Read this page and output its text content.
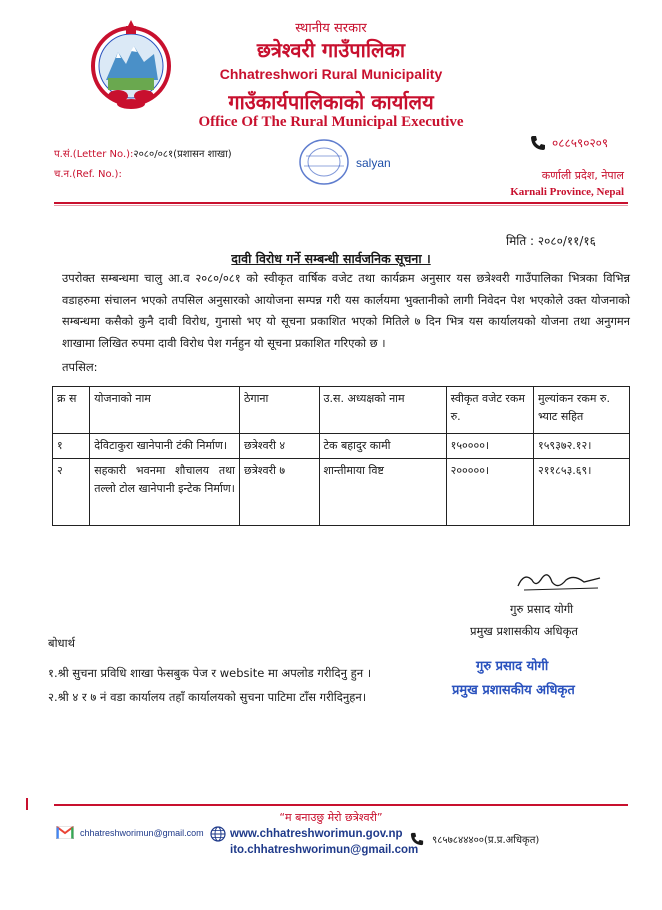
स्थानीय सरकार
छत्रेश्वरी गाउँपालिका
Chhatreshwori Rural Municipality
गाउँकार्यपालिकाको कार्यालय
Office Of The Rural Municipal Executive
प.सं.(Letter No.):२०८०/०८१(प्रशासन शाखा)
च.न.(Ref. No.):
salyan
०८८५९०२०९
कर्णाली प्रदेश, नेपाल
Karnali Province, Nepal
मिति : २०८०/११/१६
दावी विरोध गर्ने सम्बन्धी सार्वजनिक सूचना ।
उपरोक्त सम्बन्धमा चालु आ.व २०८०/०८१ को स्वीकृत वार्षिक वजेट तथा कार्यक्रम अनुसार यस छत्रेश्वरी गाउँपालिका भित्रका विभिन्न वडाहरुमा संचालन भएको तपसिल अनुसारको आयोजना सम्पन्न गरी यस कार्लयमा भुक्तानीको लागी निवेदन पेश भएकोले उक्त योजनाको सम्बन्धमा कसैको कुनै दावी विरोध, गुनासो भए यो सूचना प्रकाशित भएको मितिले ७ दिन भित्र यस कार्यालयको योजना तथा अनुगमन शाखामा लिखित रुपमा दावी विरोध पेश गर्नहुन यो सूचना प्रकाशित गरिएको छ ।
तपसिल:
क्र स	योजनाको नाम	ठेगाना	उ.स. अध्यक्षको नाम	स्वीकृत वजेट रकम रु.	मुल्यांकन रकम रु. भ्याट सहित
१	देविटाकुरा खानेपानी टंकी निर्माण।	छत्रेश्वरी ४	टेक बहादुर कामी	१५००००।	१५९३७२.१२।
२	सहकारी भवनमा शौचालय तथा तल्लो टोल खानेपानी इन्टेक निर्माण।	छत्रेश्वरी ७	शान्तीमाया विष्ट	२०००००।	२११८५३.६९।
गुरु प्रसाद योगी
प्रमुख प्रशासकीय अधिकृत
बोधार्थ
१.श्री सुचना प्रविधि शाखा फेसबुक पेज र website मा अपलोड गरीदिनु हुन ।
२.श्री ४ र ७ नं वडा कार्यालय तहाँ कार्यालयको सुचना पाटिमा टाँस गरीदिनुहन।
गुरु प्रसाद योगी
प्रमुख प्रशासकीय अधिकृत
“म बनाउछु मेरो छत्रेश्वरी”
chhatreshworimun@gmail.com www.chhatreshworimun.gov.np
ito.chhatreshworimun@gmail.com
९८५७८४४४००(प्र.प्र.अधिकृत)
